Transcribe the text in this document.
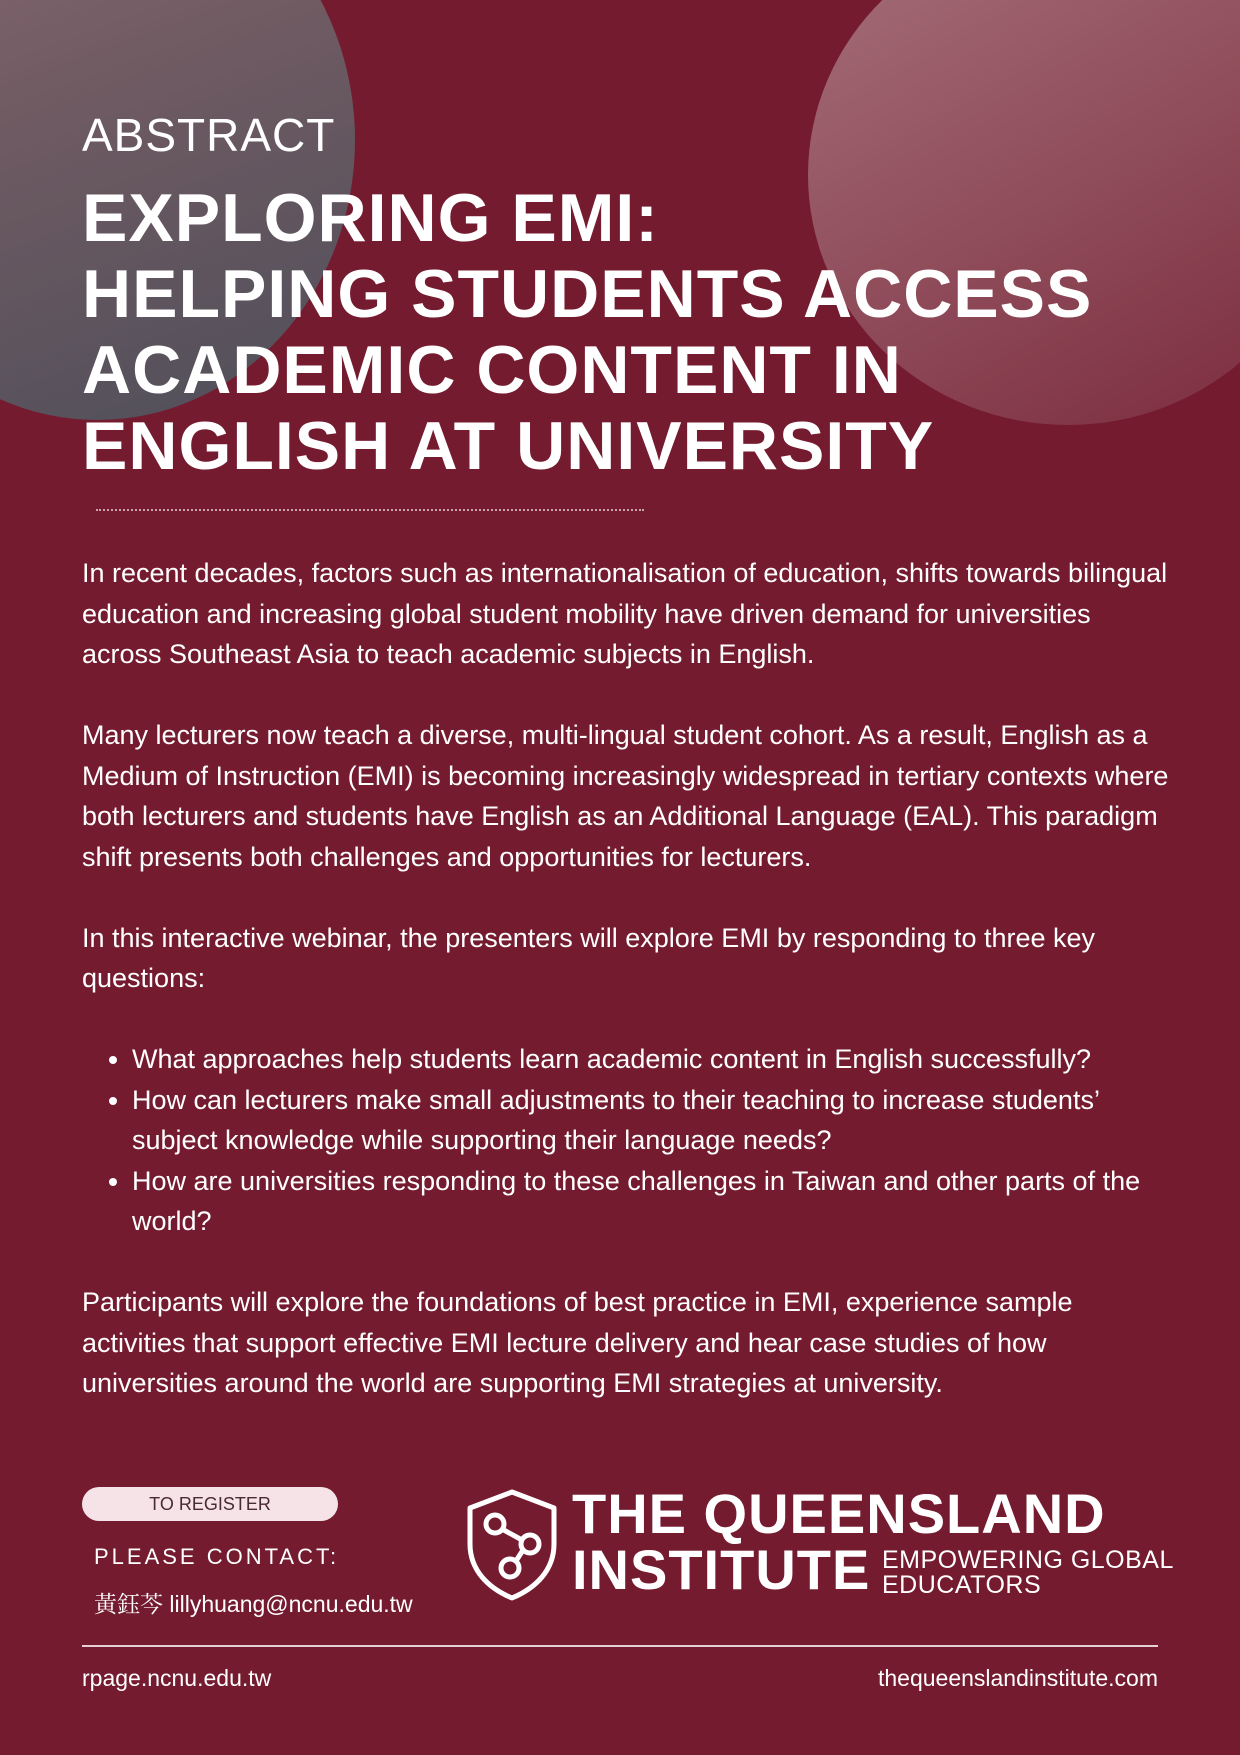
ABSTRACT
EXPLORING EMI:
HELPING STUDENTS ACCESS
ACADEMIC CONTENT IN
ENGLISH AT UNIVERSITY

In recent decades, factors such as internationalisation of education, shifts towards bilingual education and increasing global student mobility have driven demand for universities across Southeast Asia to teach academic subjects in English.

Many lecturers now teach a diverse, multi-lingual student cohort. As a result, English as a Medium of Instruction (EMI) is becoming increasingly widespread in tertiary contexts where both lecturers and students have English as an Additional Language (EAL). This paradigm shift presents both challenges and opportunities for lecturers.

In this interactive webinar, the presenters will explore EMI by responding to three key questions:

• What approaches help students learn academic content in English successfully?
• How can lecturers make small adjustments to their teaching to increase students’ subject knowledge while supporting their language needs?
• How are universities responding to these challenges in Taiwan and other parts of the world?

Participants will explore the foundations of best practice in EMI, experience sample activities that support effective EMI lecture delivery and hear case studies of how universities around the world are supporting EMI strategies at university.

TO REGISTER
PLEASE CONTACT:
黃鈺芩 lillyhuang@ncnu.edu.tw
THE QUEENSLAND
INSTITUTE EMPOWERING GLOBAL
EDUCATORS
rpage.ncnu.edu.tw	thequeenslandinstitute.com
